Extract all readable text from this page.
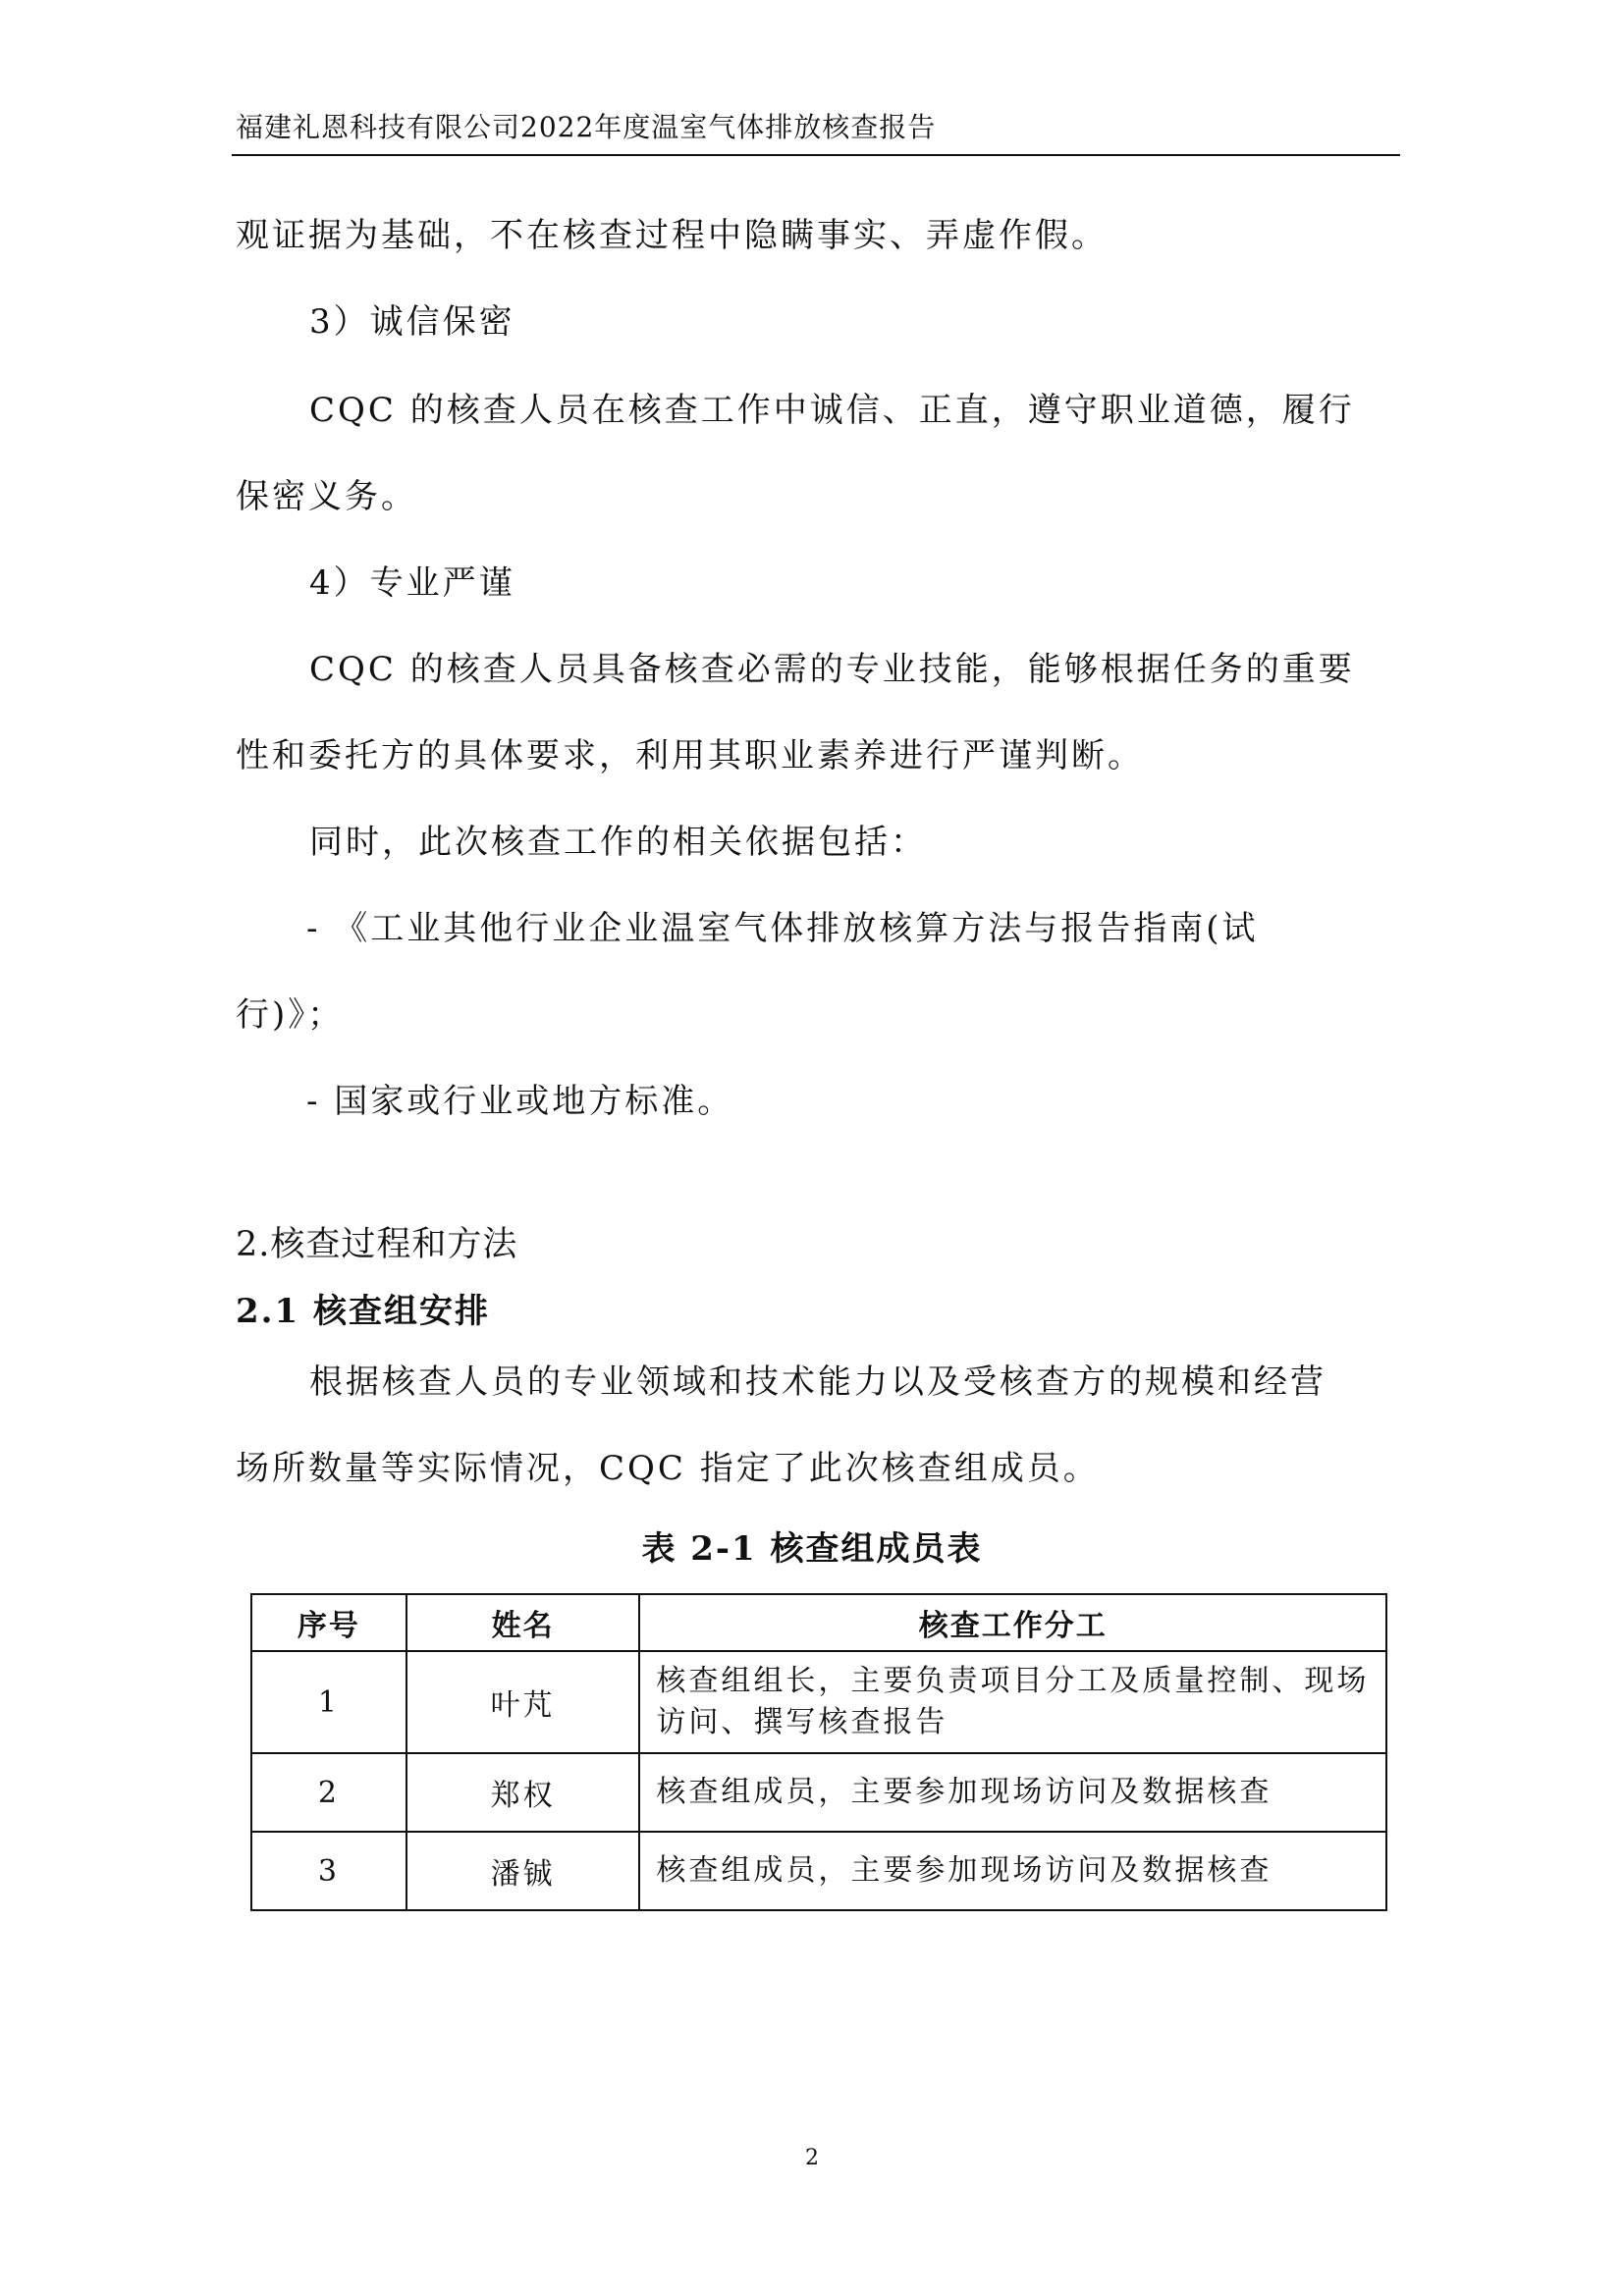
福建礼恩科技有限公司2022年度温室气体排放核查报告
观证据为基础，不在核查过程中隐瞒事实、弄虚作假。
3）诚信保密
CQC 的核查人员在核查工作中诚信、正直，遵守职业道德，履行
保密义务。
4）专业严谨
CQC 的核查人员具备核查必需的专业技能，能够根据任务的重要
性和委托方的具体要求，利用其职业素养进行严谨判断。
同时，此次核查工作的相关依据包括：
- 《工业其他行业企业温室气体排放核算方法与报告指南(试
行)》；
- 国家或行业或地方标准。
2.核查过程和方法
2.1 核查组安排
根据核查人员的专业领域和技术能力以及受核查方的规模和经营
场所数量等实际情况，CQC 指定了此次核查组成员。
表 2-1 核查组成员表
序号	姓名	核查工作分工
1	叶芃	核查组组长，主要负责项目分工及质量控制、现场
访问、撰写核查报告

2	郑权	核查组成员，主要参加现场访问及数据核查
3	潘铖	核查组成员，主要参加现场访问及数据核查
2
